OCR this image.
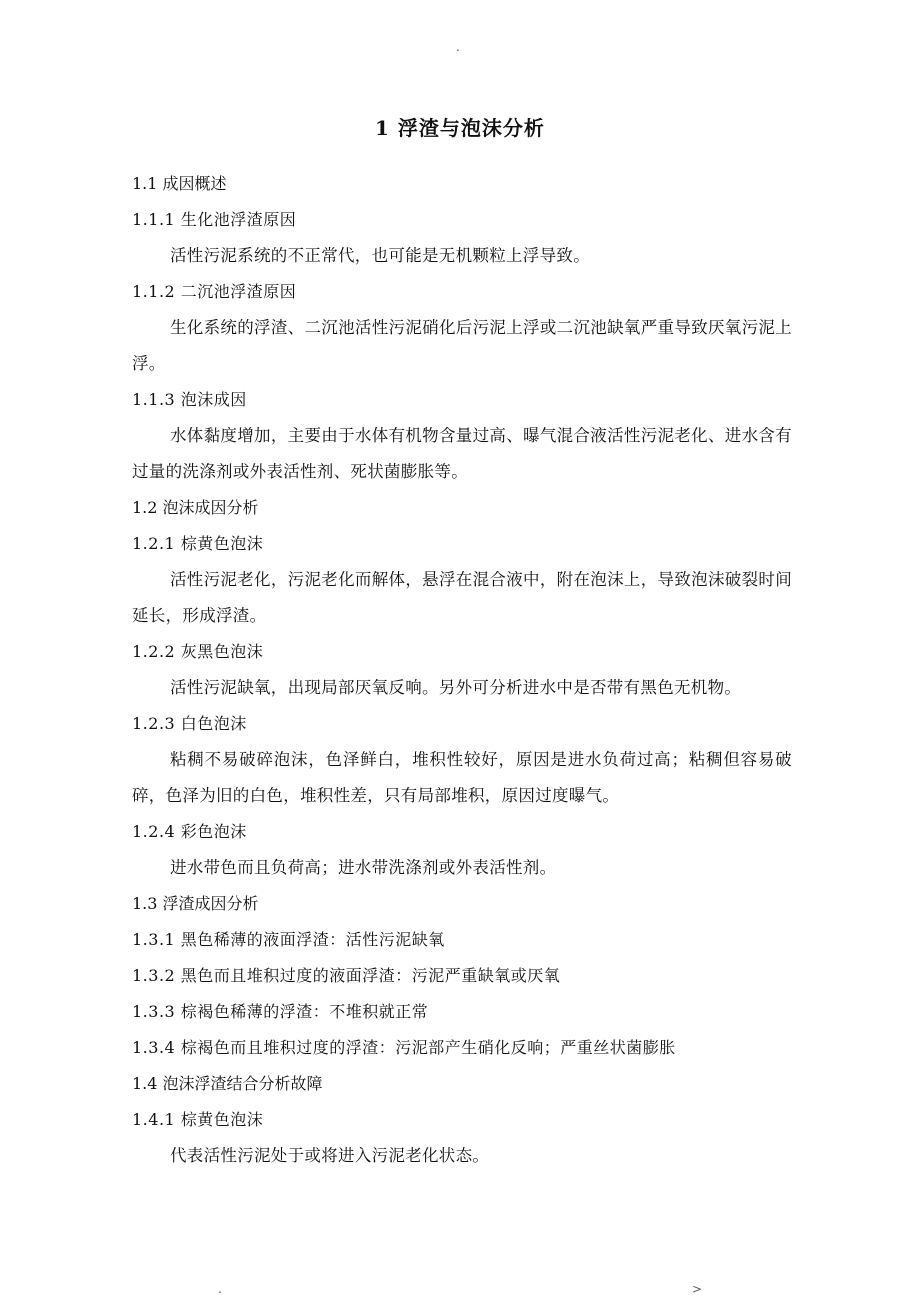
.
1 浮渣与泡沫分析

1.1 成因概述

1.1.1 生化池浮渣原因

活性污泥系统的不正常代，也可能是无机颗粒上浮导致。

1.1.2 二沉池浮渣原因

生化系统的浮渣、二沉池活性污泥硝化后污泥上浮或二沉池缺氧严重导致厌氧污泥上浮。

1.1.3 泡沫成因

水体黏度增加，主要由于水体有机物含量过高、曝气混合液活性污泥老化、进水含有过量的洗涤剂或外表活性剂、死状菌膨胀等。

1.2 泡沫成因分析

1.2.1 棕黄色泡沫

活性污泥老化，污泥老化而解体，悬浮在混合液中，附在泡沫上，导致泡沫破裂时间延长，形成浮渣。

1.2.2 灰黑色泡沫

活性污泥缺氧，出现局部厌氧反响。另外可分析进水中是否带有黑色无机物。

1.2.3 白色泡沫

粘稠不易破碎泡沫，色泽鲜白，堆积性较好，原因是进水负荷过高；粘稠但容易破碎，色泽为旧的白色，堆积性差，只有局部堆积，原因过度曝气。

1.2.4 彩色泡沫

进水带色而且负荷高；进水带洗涤剂或外表活性剂。

1.3 浮渣成因分析

1.3.1 黑色稀薄的液面浮渣：活性污泥缺氧

1.3.2 黑色而且堆积过度的液面浮渣：污泥严重缺氧或厌氧

1.3.3 棕褐色稀薄的浮渣：不堆积就正常

1.3.4 棕褐色而且堆积过度的浮渣：污泥部产生硝化反响；严重丝状菌膨胀

1.4 泡沫浮渣结合分析故障

1.4.1 棕黄色泡沫

代表活性污泥处于或将进入污泥老化状态。

.	>
